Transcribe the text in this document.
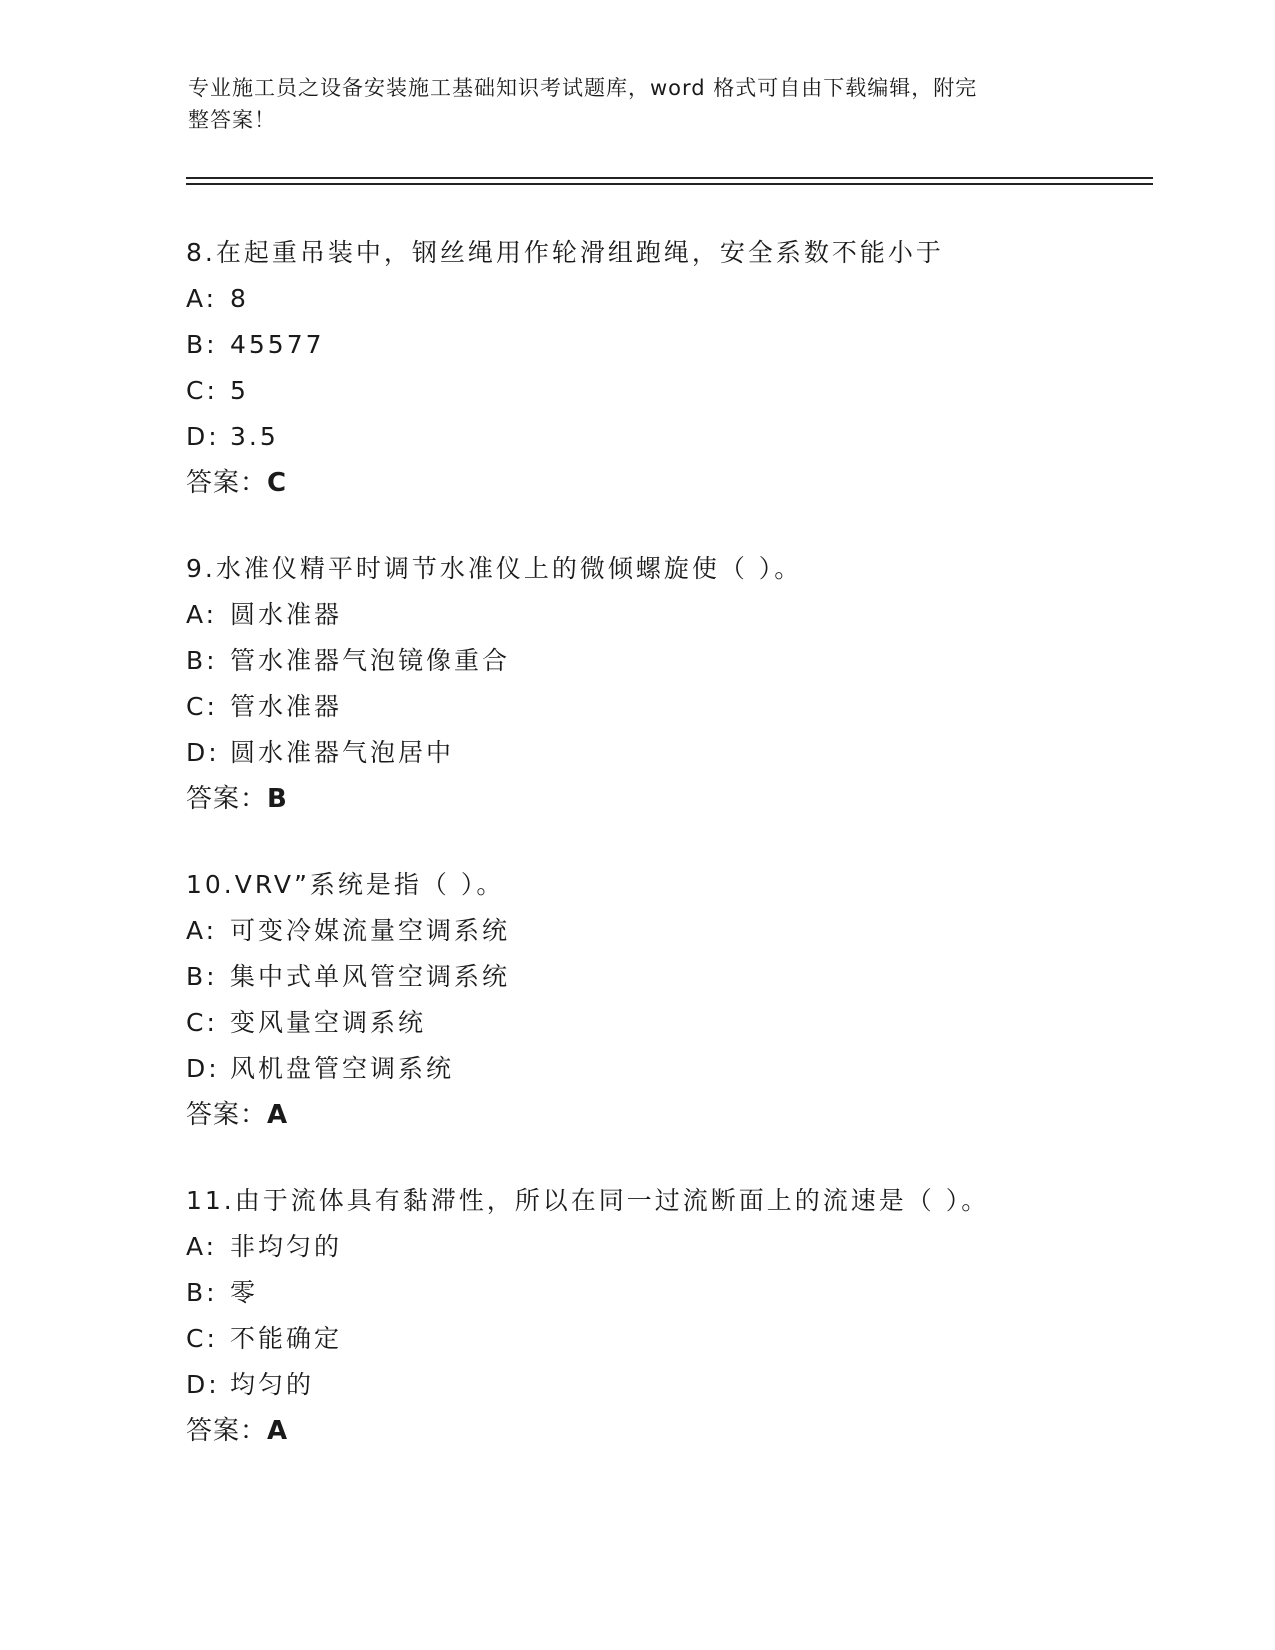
专业施工员之设备安装施工基础知识考试题库，word 格式可自由下载编辑，附完
整答案！
8.在起重吊装中，钢丝绳用作轮滑组跑绳，安全系数不能小于
A: 8
B: 45577
C: 5
D: 3.5
答案：C
9.水准仪精平时调节水准仪上的微倾螺旋使（ ）。
A: 圆水准器
B: 管水准器气泡镜像重合
C: 管水准器
D: 圆水准器气泡居中
答案：B
10.VRV”系统是指（ ）。
A: 可变冷媒流量空调系统
B: 集中式单风管空调系统
C: 变风量空调系统
D: 风机盘管空调系统
答案：A
11.由于流体具有黏滞性，所以在同一过流断面上的流速是（ ）。
A: 非均匀的
B: 零
C: 不能确定
D: 均匀的
答案：A
